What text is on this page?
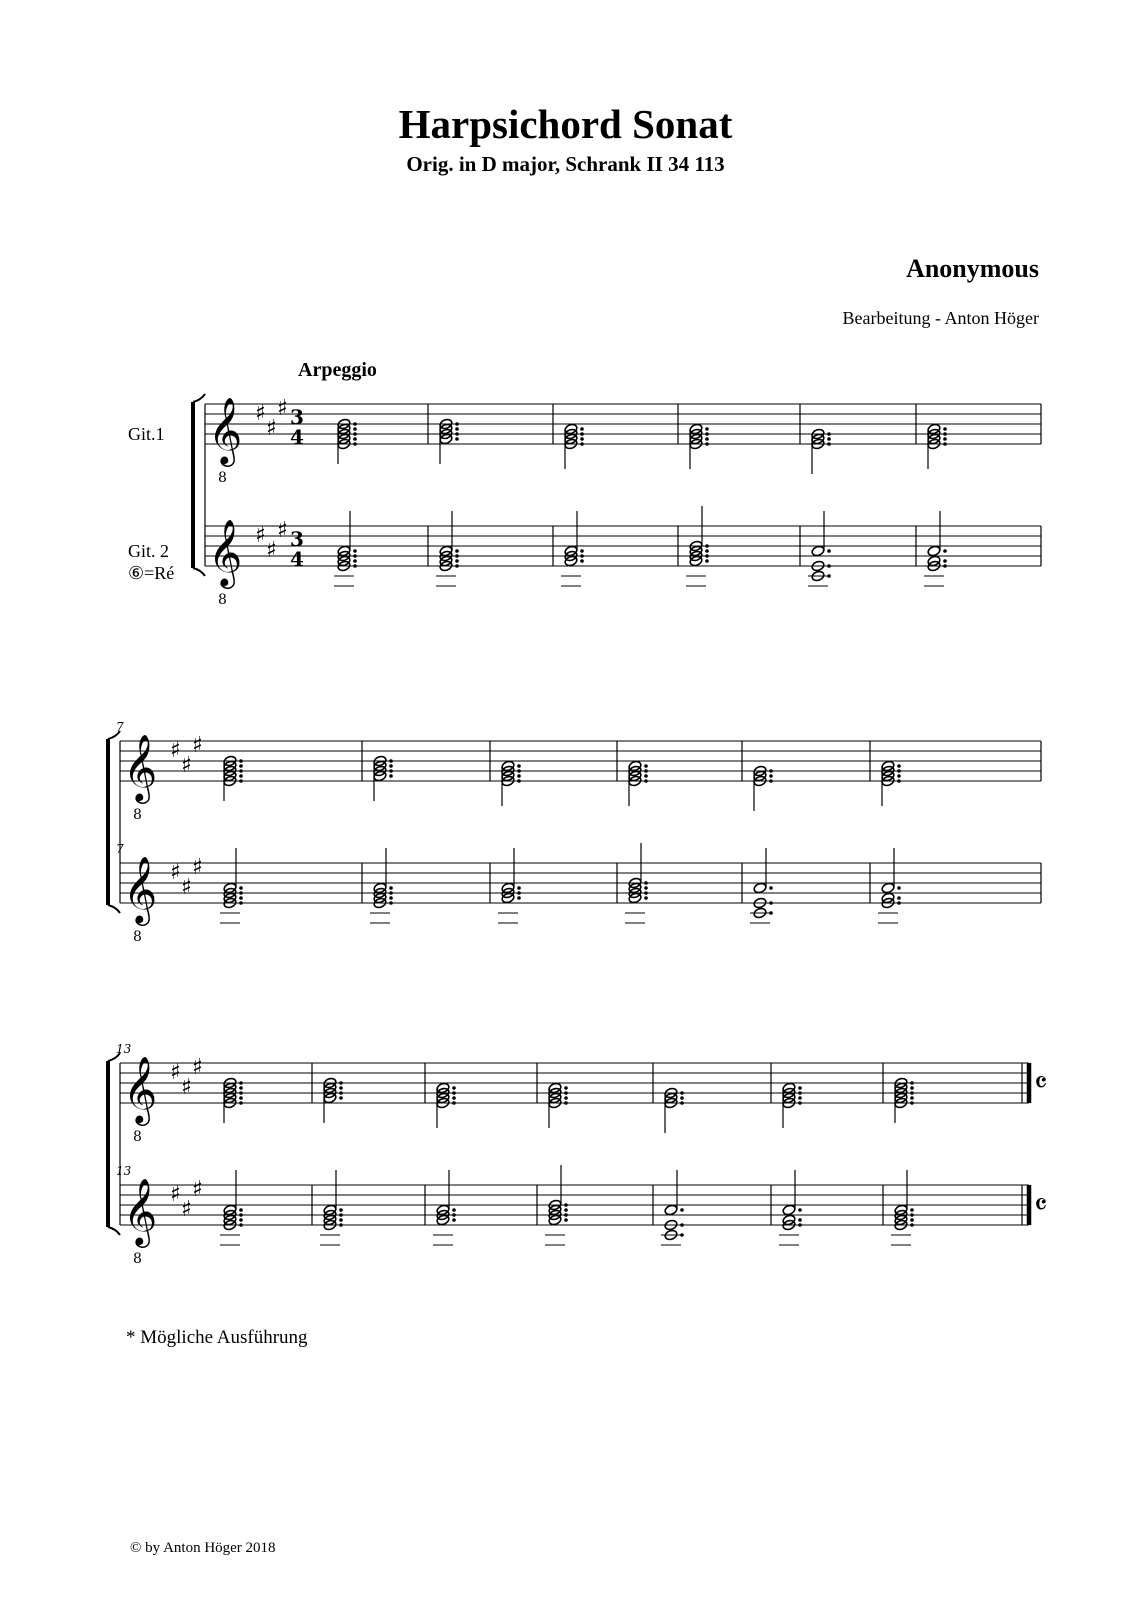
Harpsichord Sonat
Orig. in D major, Schrank II 34 113
Anonymous
Bearbeitung - Anton Höger
Arpeggio
Git.1
Git. 2
⑥=Ré
* Mögliche Ausführung
© by Anton Höger 2018
𝄞
8
♯
♯
♯ 3
4
𝄞
8
♯
♯
♯ 3
4
𝄞
8
♯
♯
♯
𝄞
8
♯
♯
♯
7
7
𝄞
8
♯
♯
♯	𝄴
𝄞
8
♯
♯
♯	𝄴
13
13
